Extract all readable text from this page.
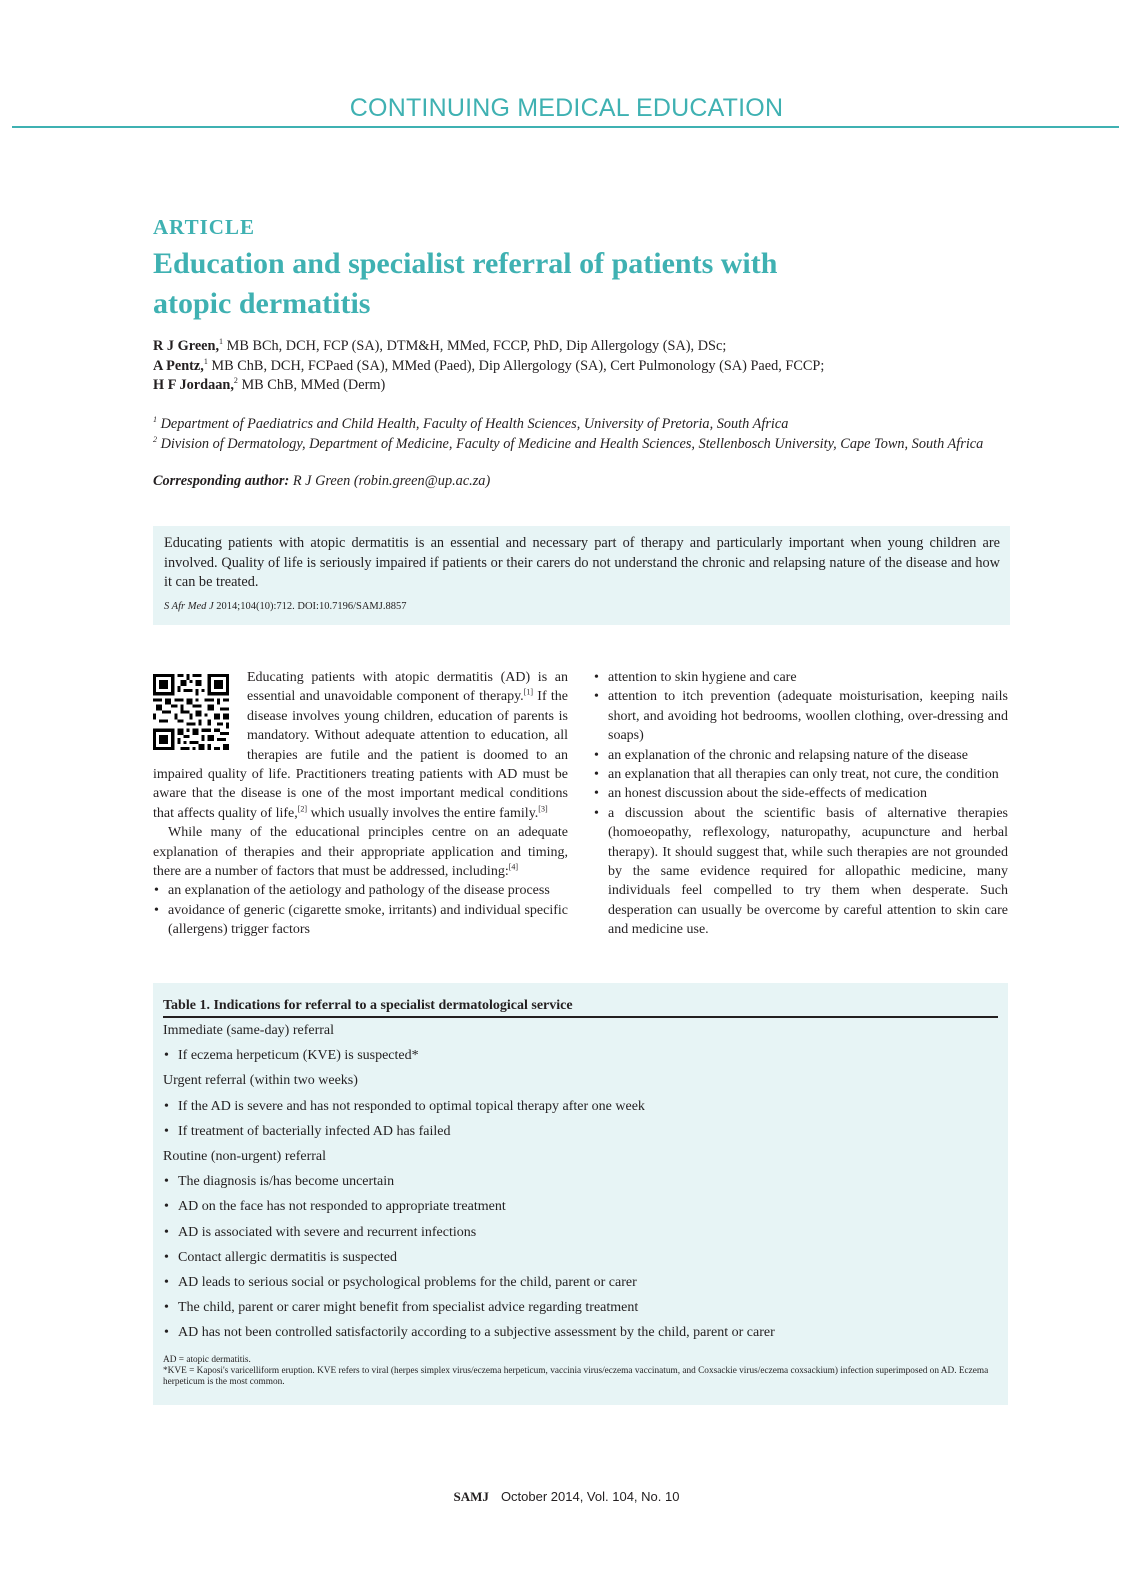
CONTINUING MEDICAL EDUCATION
ARTICLE
Education and specialist referral of patients with atopic dermatitis
R J Green,$^1$ MB BCh, DCH, FCP (SA), DTM&H, MMed, FCCP, PhD, Dip Allergology (SA), DSc;
A Pentz,$^1$ MB ChB, DCH, FCPaed (SA), MMed (Paed), Dip Allergology (SA), Cert Pulmonology (SA) Paed, FCCP;
H F Jordaan,$^2$ MB ChB, MMed (Derm)
$^1$ Department of Paediatrics and Child Health, Faculty of Health Sciences, University of Pretoria, South Africa
$^2$ Division of Dermatology, Department of Medicine, Faculty of Medicine and Health Sciences, Stellenbosch University, Cape Town, South Africa
Corresponding author: R J Green (robin.green@up.ac.za)

Educating patients with atopic dermatitis is an essential and necessary part of therapy and particularly important when young children are involved. Quality of life is seriously impaired if patients or their carers do not understand the chronic and relapsing nature of the disease and how it can be treated.

S Afr Med J 2014;104(10):712. DOI:10.7196/SAMJ.8857

Educating patients with atopic dermatitis (AD) is an essential and unavoidable component of therapy.[1] If the disease involves young children, education of parents is mandatory. Without adequate attention to education, all therapies are futile and the patient is doomed to an impaired quality of life. Practitioners treating patients with AD must be aware that the disease is one of the most important medical conditions that affects quality of life,[2] which usually involves the entire family.[3]

While many of the educational principles centre on an adequate explanation of therapies and their appropriate application and timing, there are a number of factors that must be addressed, including:[4]

• an explanation of the aetiology and pathology of the disease process
• avoidance of generic (cigarette smoke, irritants) and individual specific (allergens) trigger factors
• attention to skin hygiene and care
• attention to itch prevention (adequate moisturisation, keeping nails short, and avoiding hot bedrooms, woollen clothing, over-dressing and soaps)
• an explanation of the chronic and relapsing nature of the disease
• an explanation that all therapies can only treat, not cure, the condition
• an honest discussion about the side-effects of medication
• a discussion about the scientific basis of alternative therapies (homoeopathy, reflexology, naturopathy, acupuncture and herbal therapy). It should suggest that, while such therapies are not grounded by the same evidence required for allopathic medicine, many individuals feel compelled to try them when desperate. Such desperation can usually be overcome by careful attention to skin care and medicine use.
Table 1. Indications for referral to a specialist dermatological service
Immediate (same-day) referral
• If eczema herpeticum (KVE) is suspected*
Urgent referral (within two weeks)
• If the AD is severe and has not responded to optimal topical therapy after one week
• If treatment of bacterially infected AD has failed
Routine (non-urgent) referral
• The diagnosis is/has become uncertain
• AD on the face has not responded to appropriate treatment
• AD is associated with severe and recurrent infections
• Contact allergic dermatitis is suspected
• AD leads to serious social or psychological problems for the child, parent or carer
• The child, parent or carer might benefit from specialist advice regarding treatment
• AD has not been controlled satisfactorily according to a subjective assessment by the child, parent or carer
AD = atopic dermatitis.
*KVE = Kaposi's varicelliform eruption. KVE refers to viral (herpes simplex virus/eczema herpeticum, vaccinia virus/eczema vaccinatum, and Coxsackie virus/eczema coxsackium) infection superimposed on AD. Eczema herpeticum is the most common.
SAMJ October 2014, Vol. 104, No. 10
